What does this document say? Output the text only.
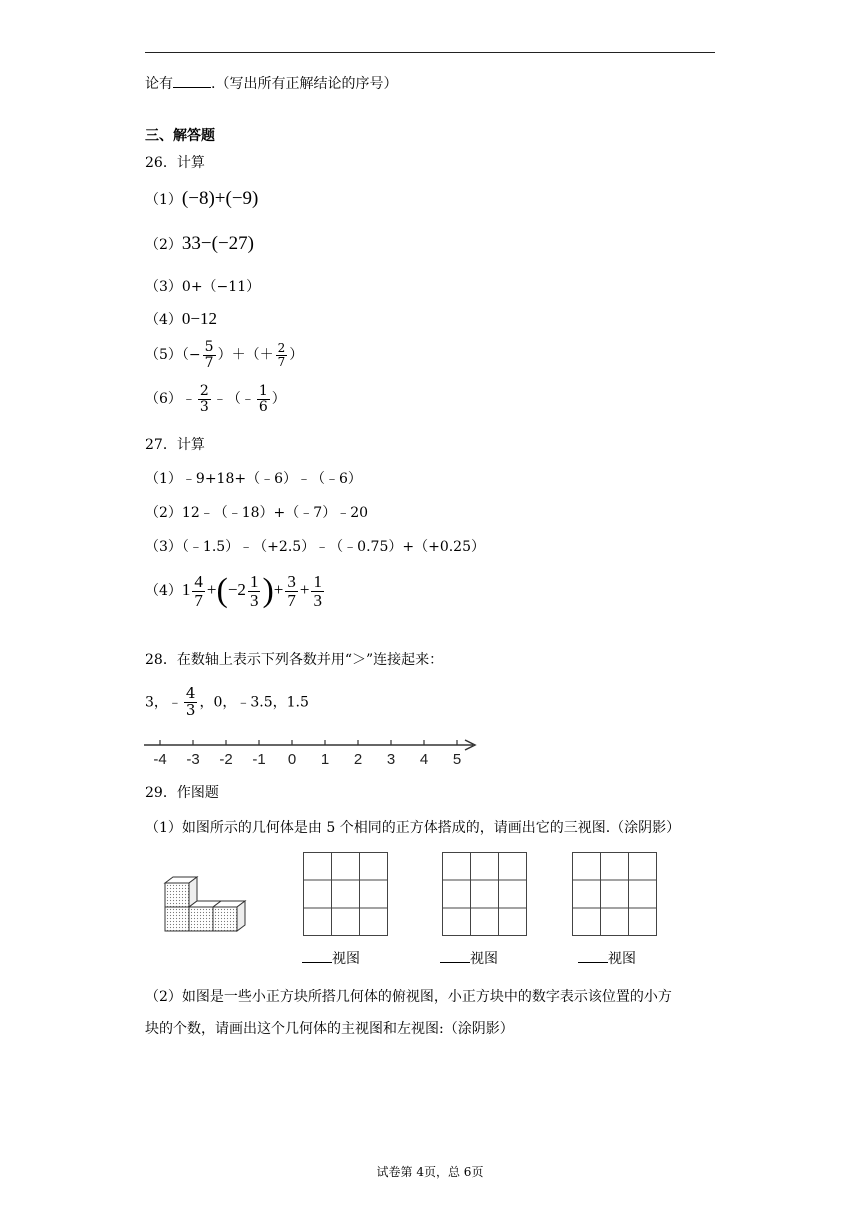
论有	.（写出所有正解结论的序号）
三、解答题
26．计算
（1）(−8)+(−9)
（2）33−(−27)
（3）0+（−11）
（4）0−12
$(5)(- \frac{5}{7}$ ）＋（＋ $\frac{2}{7}$ ）
（6）﹣ $\frac{2}{3}$ ﹣（﹣ $\frac{1}{6}$ ）
27．计算
（1）﹣9+18+（﹣6）﹣（﹣6）
（2）12﹣（﹣18）+（﹣7）﹣20
（3）（﹣1.5）﹣（+2.5）﹣（﹣0.75）+（+0.25）
$(4)1 \frac{4}{7} +(-2 \frac{1}{3}$ )+ $\frac{3}{7} + \frac{1}{3}$
28．在数轴上表示下列各数并用“＞”连接起来：
3，﹣ $\frac{4}{3}$ ，0，﹣3.5，1.5
-4 -3 -2 -1 0 1 2 3 4 5
29．作图题
（1）如图所示的几何体是由 5 个相同的正方体搭成的，请画出它的三视图.（涂阴影）
视图	视图	视图
（2）如图是一些小正方块所搭几何体的俯视图，小正方块中的数字表示该位置的小方
块的个数，请画出这个几何体的主视图和左视图:（涂阴影）
试卷第 4页，总 6页
